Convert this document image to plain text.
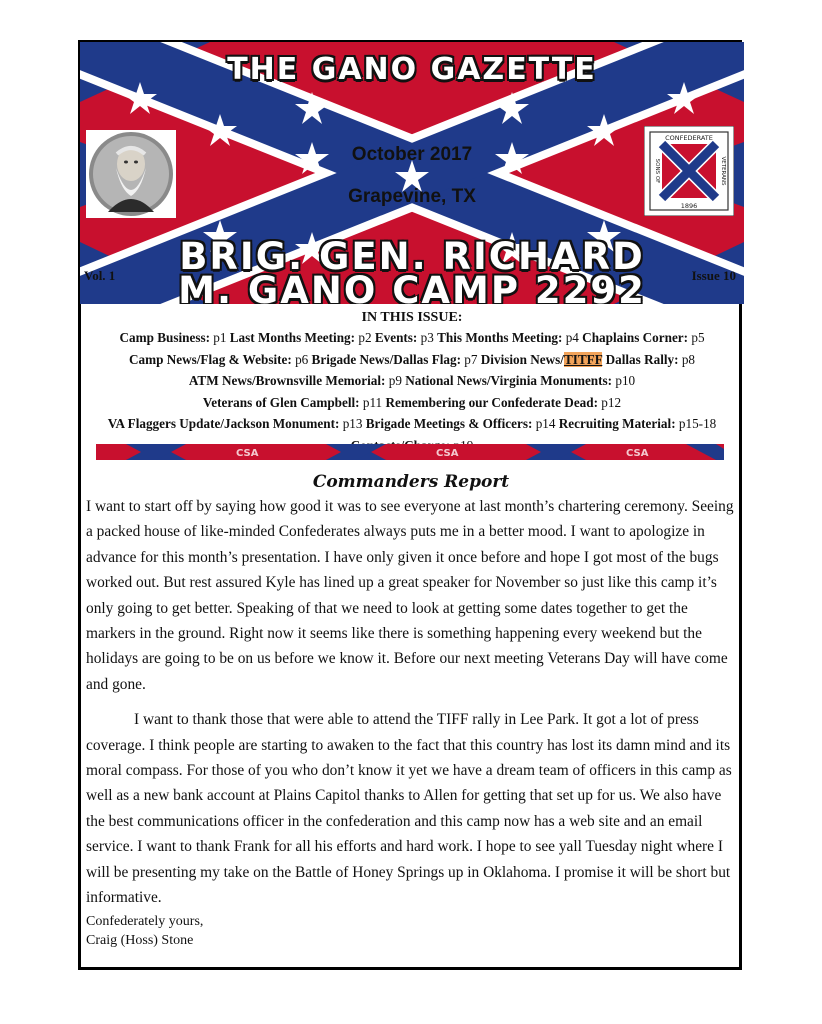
THE GANO GAZETTE
CONFEDERATE
1896
SONS OF	VETERANS
October 2017
Grapevine, TX
BRIG. GEN. RICHARD
M. GANO CAMP 2292
Vol. 1	Issue 10
IN THIS ISSUE:
Camp Business: p1 Last Months Meeting: p2 Events: p3 This Months Meeting: p4 Chaplains Corner: p5
Camp News/Flag & Website: p6 Brigade News/Dallas Flag: p7 Division News/TITFF Dallas Rally: p8
ATM News/Brownsville Memorial: p9 National News/Virginia Monuments: p10
Veterans of Glen Campbell: p11 Remembering our Confederate Dead: p12
VA Flaggers Update/Jackson Monument: p13 Brigade Meetings & Officers: p14 Recruiting Material: p15-18
CSA	CSA	CSA
Commanders Report

I want to start off by saying how good it was to see everyone at last month’s chartering ceremony. Seeing a packed house of like-minded Confederates always puts me in a better mood. I want to apologize in advance for this month’s presentation. I have only given it once before and hope I got most of the bugs worked out. But rest assured Kyle has lined up a great speaker for November so just like this camp it’s only going to get better. Speaking of that we need to look at getting some dates together to get the markers in the ground. Right now it seems like there is something happening every weekend but the holidays are going to be on us before we know it. Before our next meeting Veterans Day will have come and gone.

I want to thank those that were able to attend the TIFF rally in Lee Park. It got a lot of press coverage. I think people are starting to awaken to the fact that this country has lost its damn mind and its moral compass. For those of you who don’t know it yet we have a dream team of officers in this camp as well as a new bank account at Plains Capitol thanks to Allen for getting that set up for us. We also have the best communications officer in the confederation and this camp now has a web site and an email service. I want to thank Frank for all his efforts and hard work. I hope to see yall Tuesday night where I will be presenting my take on the Battle of Honey Springs up in Oklahoma. I promise it will be short but informative.

Confederately yours,
Craig (Hoss) Stone
